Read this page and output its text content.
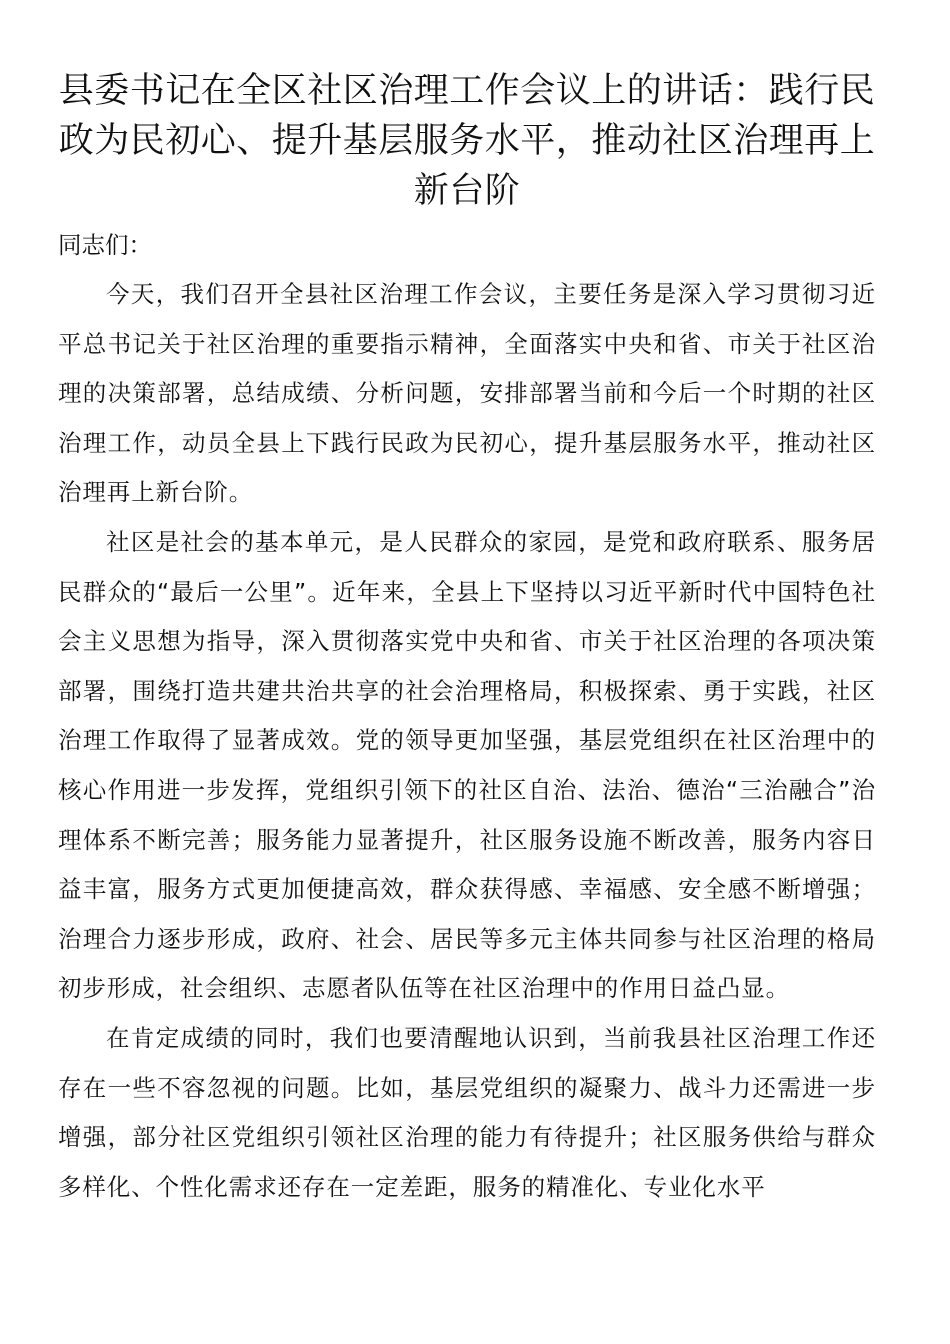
县委书记在全区社区治理工作会议上的讲话：践行民政为民初心、提升基层服务水平，推动社区治理再上新台阶

同志们：

今天，我们召开全县社区治理工作会议，主要任务是深入学习贯彻习近平总书记关于社区治理的重要指示精神，全面落实中央和省、市关于社区治理的决策部署，总结成绩、分析问题，安排部署当前和今后一个时期的社区治理工作，动员全县上下践行民政为民初心，提升基层服务水平，推动社区治理再上新台阶。

社区是社会的基本单元，是人民群众的家园，是党和政府联系、服务居民群众的“最后一公里”。近年来，全县上下坚持以习近平新时代中国特色社会主义思想为指导，深入贯彻落实党中央和省、市关于社区治理的各项决策部署，围绕打造共建共治共享的社会治理格局，积极探索、勇于实践，社区治理工作取得了显著成效。党的领导更加坚强，基层党组织在社区治理中的核心作用进一步发挥，党组织引领下的社区自治、法治、德治“三治融合”治理体系不断完善；服务能力显著提升，社区服务设施不断改善，服务内容日益丰富，服务方式更加便捷高效，群众获得感、幸福感、安全感不断增强；治理合力逐步形成，政府、社会、居民等多元主体共同参与社区治理的格局初步形成，社会组织、志愿者队伍等在社区治理中的作用日益凸显。

在肯定成绩的同时，我们也要清醒地认识到，当前我县社区治理工作还存在一些不容忽视的问题。比如，基层党组织的凝聚力、战斗力还需进一步增强，部分社区党组织引领社区治理的能力有待提升；社区服务供给与群众多样化、个性化需求还存在一定差距，服务的精准化、专业化水平
